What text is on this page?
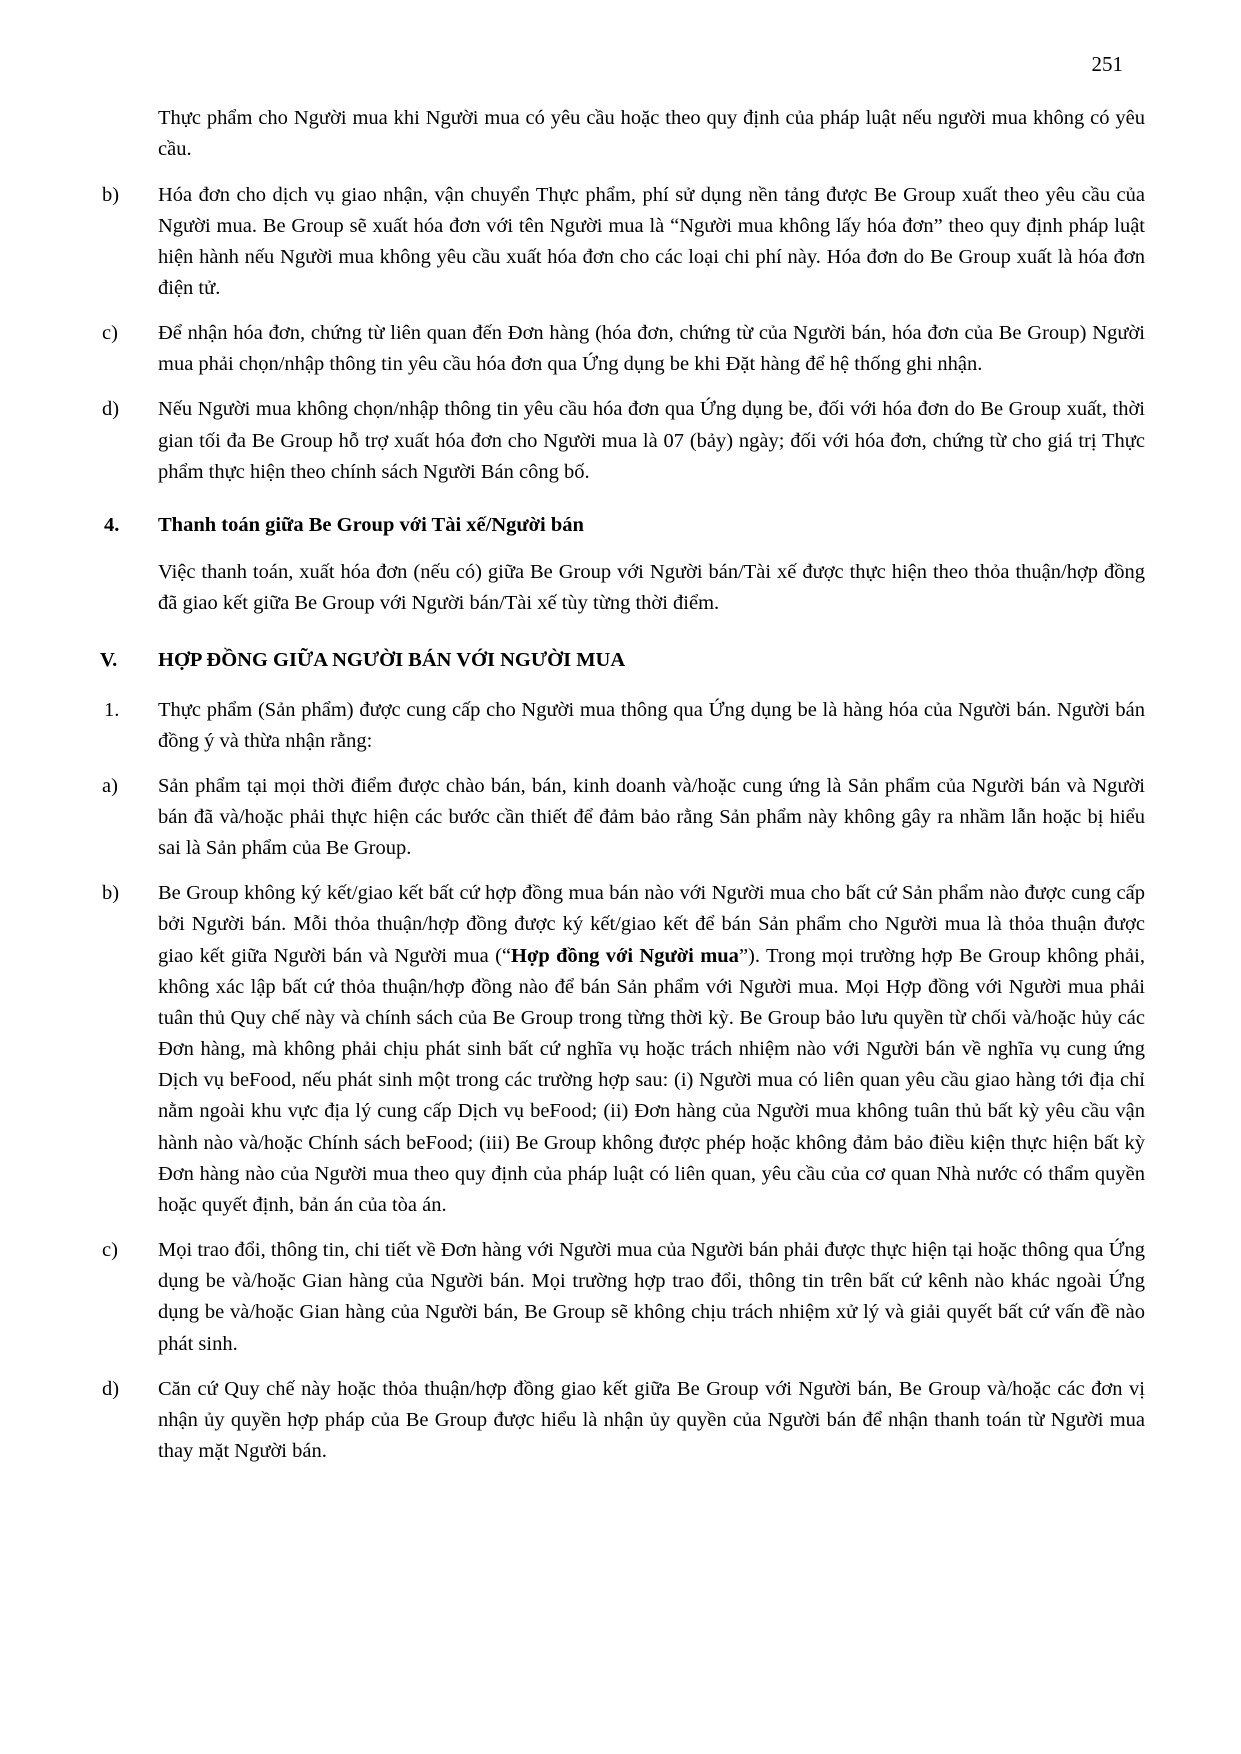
251
Thực phẩm cho Người mua khi Người mua có yêu cầu hoặc theo quy định của pháp luật nếu người mua không có yêu cầu.
b)	Hóa đơn cho dịch vụ giao nhận, vận chuyển Thực phẩm, phí sử dụng nền tảng được Be Group xuất theo yêu cầu của Người mua. Be Group sẽ xuất hóa đơn với tên Người mua là “Người mua không lấy hóa đơn” theo quy định pháp luật hiện hành nếu Người mua không yêu cầu xuất hóa đơn cho các loại chi phí này. Hóa đơn do Be Group xuất là hóa đơn điện tử.
c)	Để nhận hóa đơn, chứng từ liên quan đến Đơn hàng (hóa đơn, chứng từ của Người bán, hóa đơn của Be Group) Người mua phải chọn/nhập thông tin yêu cầu hóa đơn qua Ứng dụng be khi Đặt hàng để hệ thống ghi nhận.
d)	Nếu Người mua không chọn/nhập thông tin yêu cầu hóa đơn qua Ứng dụng be, đối với hóa đơn do Be Group xuất, thời gian tối đa Be Group hỗ trợ xuất hóa đơn cho Người mua là 07 (bảy) ngày; đối với hóa đơn, chứng từ cho giá trị Thực phẩm thực hiện theo chính sách Người Bán công bố.
4.	Thanh toán giữa Be Group với Tài xế/Người bán
Việc thanh toán, xuất hóa đơn (nếu có) giữa Be Group với Người bán/Tài xế được thực hiện theo thỏa thuận/hợp đồng đã giao kết giữa Be Group với Người bán/Tài xế tùy từng thời điểm.
V.	HỢP ĐỒNG GIỮA NGƯỜI BÁN VỚI NGƯỜI MUA
1.	Thực phẩm (Sản phẩm) được cung cấp cho Người mua thông qua Ứng dụng be là hàng hóa của Người bán. Người bán đồng ý và thừa nhận rằng:
a)	Sản phẩm tại mọi thời điểm được chào bán, bán, kinh doanh và/hoặc cung ứng là Sản phẩm của Người bán và Người bán đã và/hoặc phải thực hiện các bước cần thiết để đảm bảo rằng Sản phẩm này không gây ra nhầm lẫn hoặc bị hiểu sai là Sản phẩm của Be Group.
b)	Be Group không ký kết/giao kết bất cứ hợp đồng mua bán nào với Người mua cho bất cứ Sản phẩm nào được cung cấp bởi Người bán. Mỗi thỏa thuận/hợp đồng được ký kết/giao kết để bán Sản phẩm cho Người mua là thỏa thuận được giao kết giữa Người bán và Người mua (“Hợp đồng với Người mua”). Trong mọi trường hợp Be Group không phải, không xác lập bất cứ thỏa thuận/hợp đồng nào để bán Sản phẩm với Người mua. Mọi Hợp đồng với Người mua phải tuân thủ Quy chế này và chính sách của Be Group trong từng thời kỳ. Be Group bảo lưu quyền từ chối và/hoặc hủy các Đơn hàng, mà không phải chịu phát sinh bất cứ nghĩa vụ hoặc trách nhiệm nào với Người bán về nghĩa vụ cung ứng Dịch vụ beFood, nếu phát sinh một trong các trường hợp sau: (i) Người mua có liên quan yêu cầu giao hàng tới địa chỉ nằm ngoài khu vực địa lý cung cấp Dịch vụ beFood; (ii) Đơn hàng của Người mua không tuân thủ bất kỳ yêu cầu vận hành nào và/hoặc Chính sách beFood; (iii) Be Group không được phép hoặc không đảm bảo điều kiện thực hiện bất kỳ Đơn hàng nào của Người mua theo quy định của pháp luật có liên quan, yêu cầu của cơ quan Nhà nước có thẩm quyền hoặc quyết định, bản án của tòa án.
c)	Mọi trao đổi, thông tin, chi tiết về Đơn hàng với Người mua của Người bán phải được thực hiện tại hoặc thông qua Ứng dụng be và/hoặc Gian hàng của Người bán. Mọi trường hợp trao đổi, thông tin trên bất cứ kênh nào khác ngoài Ứng dụng be và/hoặc Gian hàng của Người bán, Be Group sẽ không chịu trách nhiệm xử lý và giải quyết bất cứ vấn đề nào phát sinh.
d)	Căn cứ Quy chế này hoặc thỏa thuận/hợp đồng giao kết giữa Be Group với Người bán, Be Group và/hoặc các đơn vị nhận ủy quyền hợp pháp của Be Group được hiểu là nhận ủy quyền của Người bán để nhận thanh toán từ Người mua thay mặt Người bán.
